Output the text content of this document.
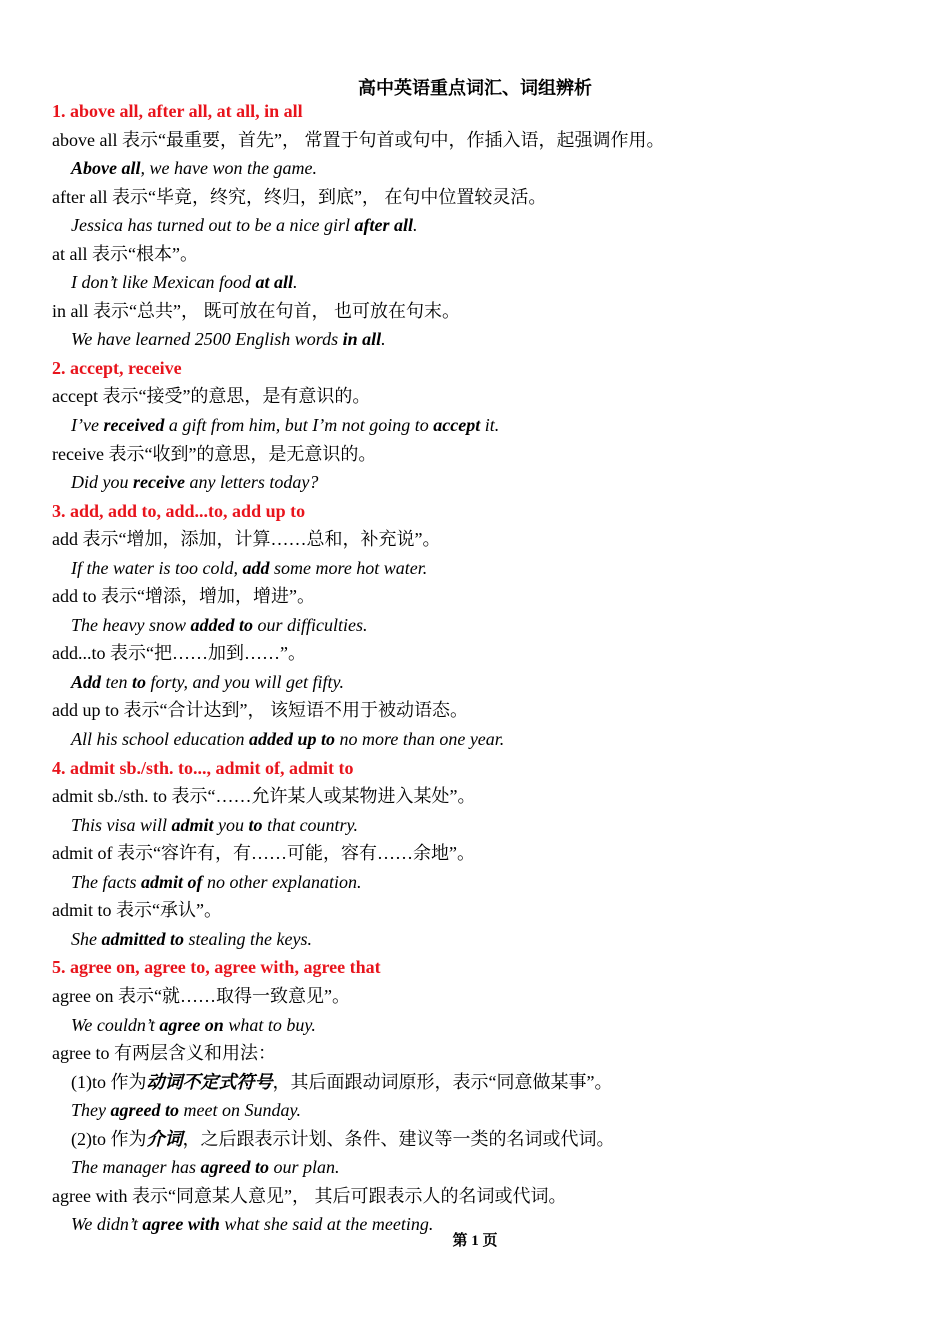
高中英语重点词汇、词组辨析
1. above all, after all, at all, in all
above all 表示“最重要，首先”， 常置于句首或句中，作插入语，起强调作用。
Above all, we have won the game.
after all 表示“毕竟，终究，终归，到底”， 在句中位置较灵活。
Jessica has turned out to be a nice girl after all.
at all 表示“根本”。
I don’t like Mexican food at all.
in all 表示“总共”， 既可放在句首， 也可放在句末。
We have learned 2500 English words in all.
2. accept, receive
accept 表示“接受”的意思，是有意识的。
I’ve received a gift from him, but I’m not going to accept it.
receive 表示“收到”的意思，是无意识的。
Did you receive any letters today?
3. add, add to, add...to, add up to
add 表示“增加，添加，计算……总和，补充说”。
If the water is too cold, add some more hot water.
add to 表示“增添，增加，增进”。
The heavy snow added to our difficulties.
add...to 表示“把……加到……”。
Add ten to forty, and you will get fifty.
add up to 表示“合计达到”， 该短语不用于被动语态。
All his school education added up to no more than one year.
4. admit sb./sth. to..., admit of, admit to
admit sb./sth. to 表示“……允许某人或某物进入某处”。
This visa will admit you to that country.
admit of 表示“容许有，有……可能，容有……余地”。
The facts admit of no other explanation.
admit to 表示“承认”。
She admitted to stealing the keys.
5. agree on, agree to, agree with, agree that
agree on 表示“就……取得一致意见”。
We couldn’t agree on what to buy.
agree to 有两层含义和用法：
(1)to 作为动词不定式符号，其后面跟动词原形，表示“同意做某事”。
They agreed to meet on Sunday.
(2)to 作为介词，之后跟表示计划、条件、建议等一类的名词或代词。
The manager has agreed to our plan.
agree with 表示“同意某人意见”， 其后可跟表示人的名词或代词。
We didn’t agree with what she said at the meeting.
第 1 页
